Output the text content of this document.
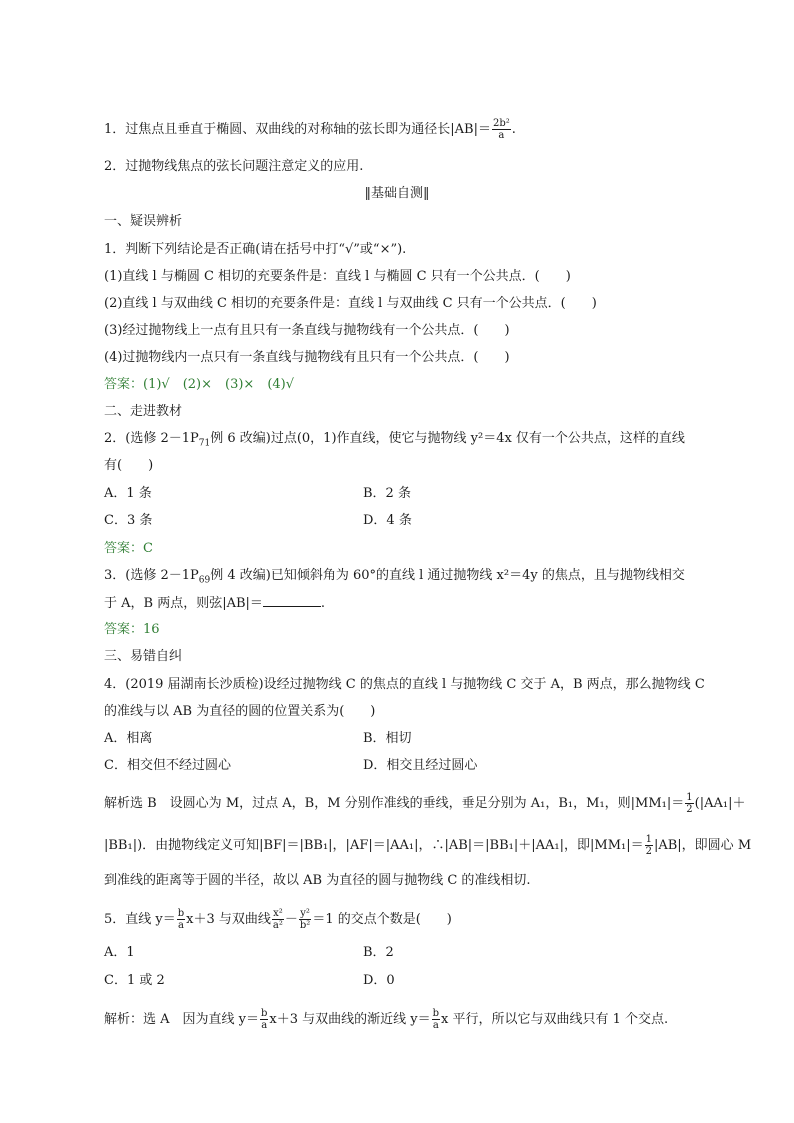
1．过焦点且垂直于椭圆、双曲线的对称轴的弦长即为通径长$|AB|= \frac{\text{2b²}}{a}$ .
2．过抛物线焦点的弦长问题注意定义的应用.
‖基础自测‖
一、疑误辨析
1．判断下列结论是否正确(请在括号中打“√”或“×”).
(1)直线 l 与椭圆 C 相切的充要条件是：直线 l 与椭圆 C 只有一个公共点．(　　)
(2)直线 l 与双曲线 C 相切的充要条件是：直线 l 与双曲线 C 只有一个公共点．(　　)
(3)经过抛物线上一点有且只有一条直线与抛物线有一个公共点．(　　)
(4)过抛物线内一点只有一条直线与抛物线有且只有一个公共点．(　　)
答案：(1)√　(2)×　(3)×　(4)√
二、走进教材
2．(选修 $2-1P_{71}$例 6 改编)过点(0，1)作直线，使它与抛物线 y²＝4x 仅有一个公共点，这样的直线
有(　　)
A．1 条	B．2 条
C．3 条	D．4 条
答案：C
3．(选修 $2-1P_{69}$例 4 改编)已知倾斜角为 60°的直线 l 通过抛物线 x²＝4y 的焦点，且与抛物线相交
于 A，B 两点，则弦|AB|＝	.
答案：16
三、易错自纠
4．(2019 届湖南长沙质检)设经过抛物线 C 的焦点的直线 l 与抛物线 C 交于 A，B 两点，那么抛物线 C
的准线与以 AB 为直径的圆的位置关系为(　　)
A．相离	B．相切
C．相交但不经过圆心	D．相交且经过圆心
解析选 B　设圆心为 M，过点 A，B，M 分别作准线的垂线，垂足分别为 A₁，B₁，M₁，则$|MM_1|= \frac{1}{2} (|AA_1|+$
|BB₁|)．由抛物线定义可知|BF|＝|BB₁|，|AF|＝|AA₁|，∴|AB|＝|BB₁|＋|AA₁|，即$|MM_1|= \frac{1}{2} |AB|$，即圆心 M
到准线的距离等于圆的半径，故以 AB 为直径的圆与抛物线 C 的准线相切.
5．直线 $y= \frac{b}{a} x+3$ 与双曲线 $\frac{\text{x²}}{\text{a²}} - \frac{\text{y²}}{\text{b²}} =1$ 的交点个数是(　　)
A．1	B．2
C．1 或 2	D．0
解析：选 A　因为直线 $y= \frac{b}{a} x+3$ 与双曲线的渐近线 $y= \frac{b}{a}$ x 平行，所以它与双曲线只有 1 个交点.
